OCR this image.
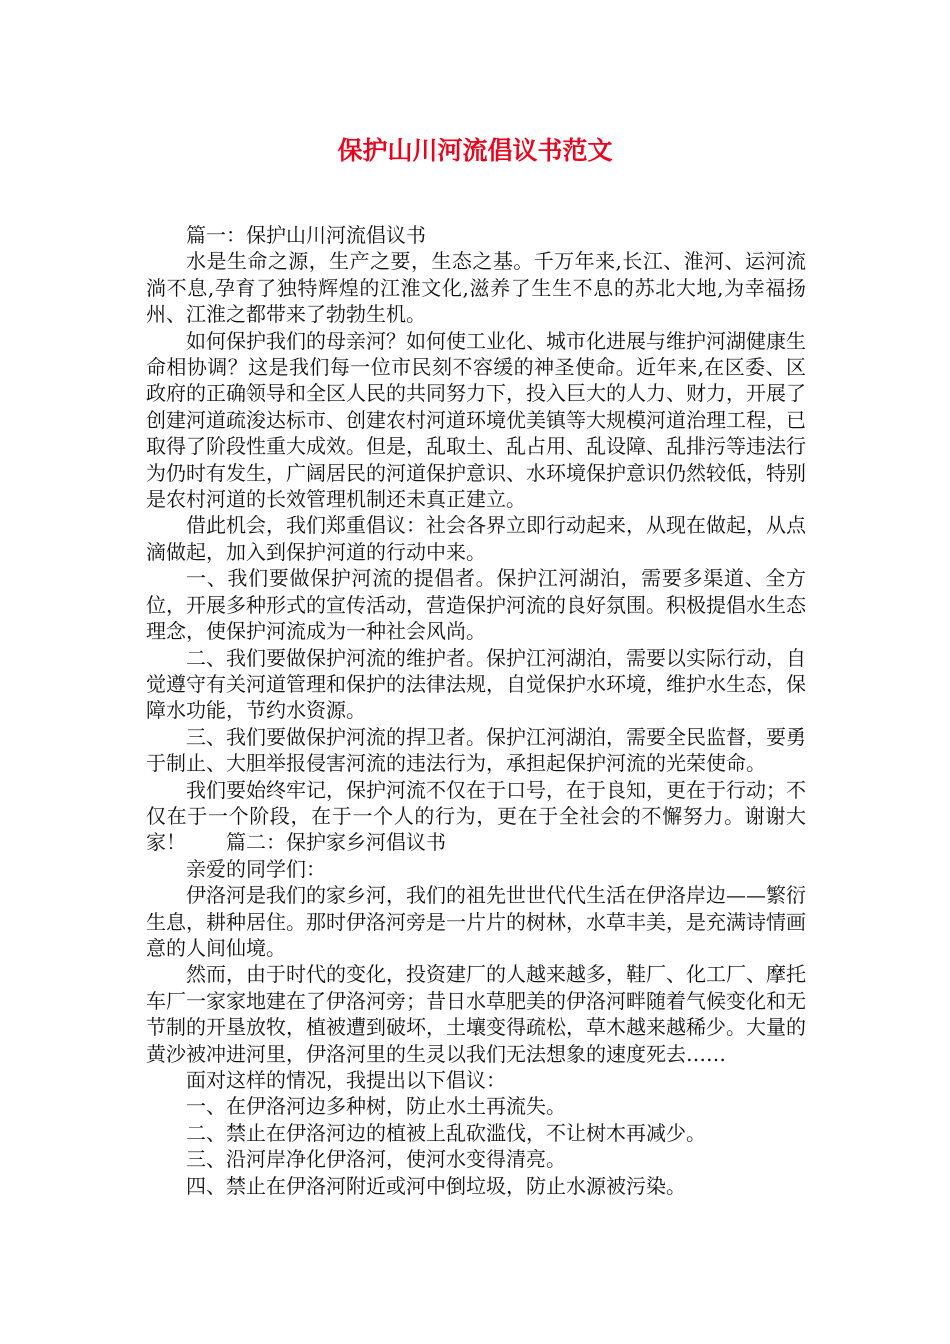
保护山川河流倡议书范文

篇一：保护山川河流倡议书

水是生命之源，生产之要，生态之基。千万年来,长江、淮河、运河流淌不息,孕育了独特辉煌的江淮文化,滋养了生生不息的苏北大地,为幸福扬州、江淮之都带来了勃勃生机。

如何保护我们的母亲河？如何使工业化、城市化进展与维护河湖健康生命相协调？这是我们每一位市民刻不容缓的神圣使命。近年来,在区委、区政府的正确领导和全区人民的共同努力下，投入巨大的人力、财力，开展了创建河道疏浚达标市、创建农村河道环境优美镇等大规模河道治理工程，已取得了阶段性重大成效。但是，乱取土、乱占用、乱设障、乱排污等违法行为仍时有发生，广阔居民的河道保护意识、水环境保护意识仍然较低，特别是农村河道的长效管理机制还未真正建立。

借此机会，我们郑重倡议：社会各界立即行动起来，从现在做起，从点滴做起，加入到保护河道的行动中来。

一、我们要做保护河流的提倡者。保护江河湖泊，需要多渠道、全方位，开展多种形式的宣传活动，营造保护河流的良好氛围。积极提倡水生态理念，使保护河流成为一种社会风尚。

二、我们要做保护河流的维护者。保护江河湖泊，需要以实际行动，自觉遵守有关河道管理和保护的法律法规，自觉保护水环境，维护水生态，保障水功能，节约水资源。

三、我们要做保护河流的捍卫者。保护江河湖泊，需要全民监督，要勇于制止、大胆举报侵害河流的违法行为，承担起保护河流的光荣使命。

我们要始终牢记，保护河流不仅在于口号，在于良知，更在于行动；不仅在于一个阶段，在于一个人的行为，更在于全社会的不懈努力。谢谢大家！　　篇二：保护家乡河倡议书

亲爱的同学们：

伊洛河是我们的家乡河，我们的祖先世世代代生活在伊洛岸边——繁衍生息，耕种居住。那时伊洛河旁是一片片的树林，水草丰美，是充满诗情画意的人间仙境。

然而，由于时代的变化，投资建厂的人越来越多，鞋厂、化工厂、摩托车厂一家家地建在了伊洛河旁；昔日水草肥美的伊洛河畔随着气候变化和无节制的开垦放牧，植被遭到破坏，土壤变得疏松，草木越来越稀少。大量的黄沙被冲进河里，伊洛河里的生灵以我们无法想象的速度死去……

面对这样的情况，我提出以下倡议：

一、在伊洛河边多种树，防止水土再流失。

二、禁止在伊洛河边的植被上乱砍滥伐，不让树木再减少。

三、沿河岸净化伊洛河，使河水变得清亮。

四、禁止在伊洛河附近或河中倒垃圾，防止水源被污染。
